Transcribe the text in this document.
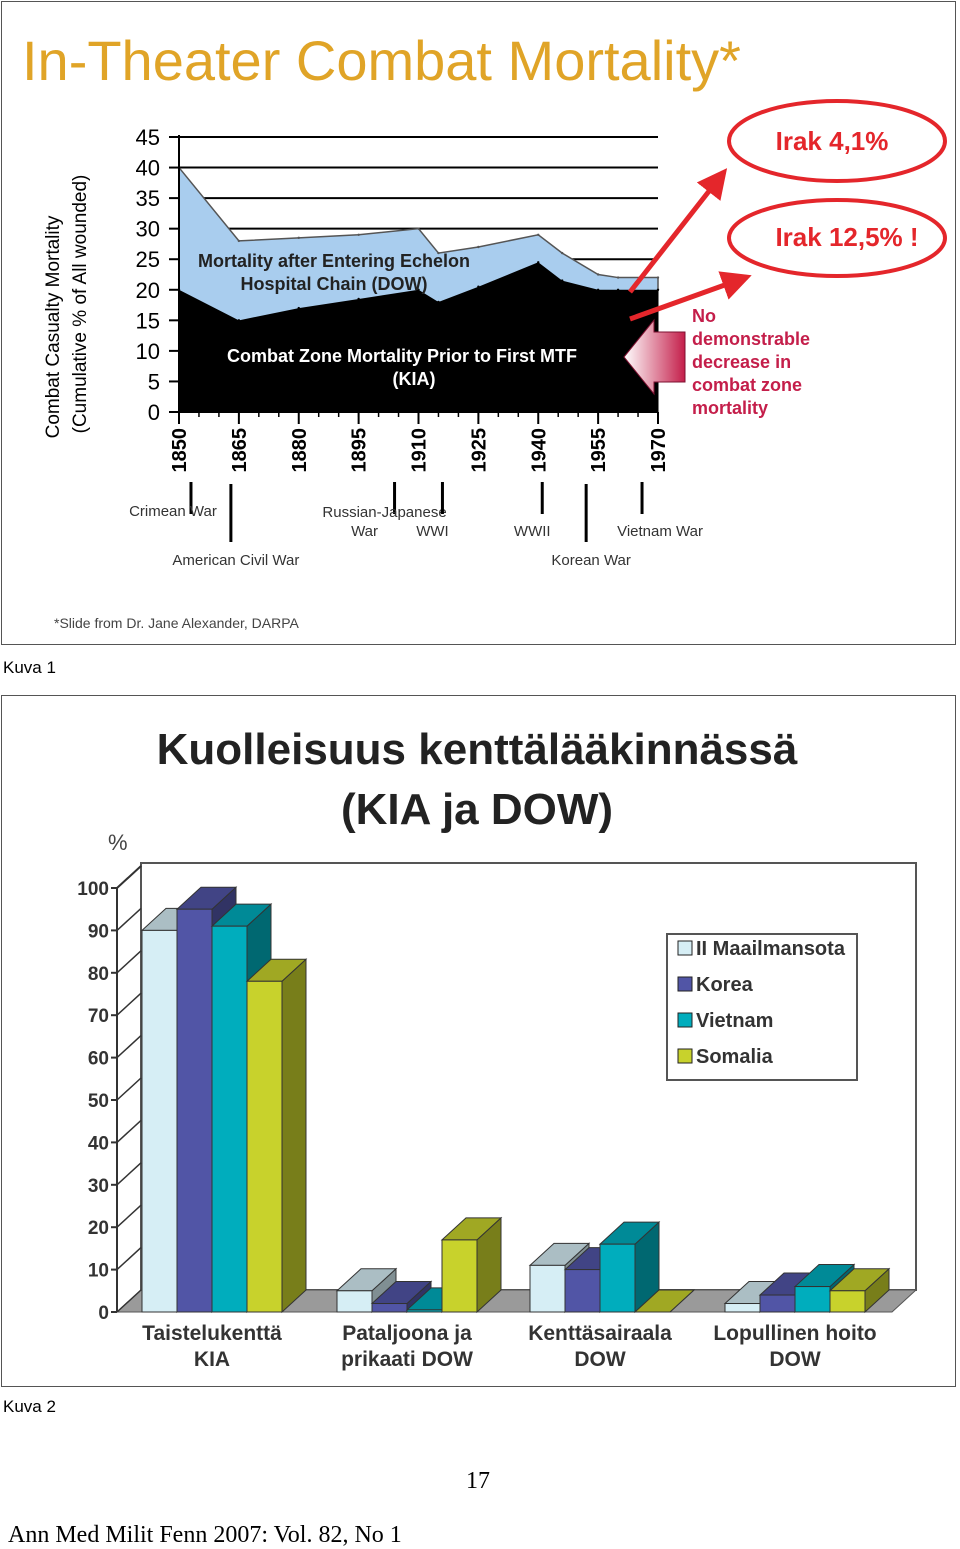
In-Theater Combat Mortality*
0
5
10
15
20
25
30
35
40
45
1850 1865 1880 1895 1910 1925 1940 1955 1970
Combat Casualty Mortality (Cumulative % of All wounded)	Mortality after Entering Echelon
Hospital Chain (DOW)
Combat Zone Mortality Prior to First MTF
(KIA)
Irak 4,1%
Irak 12,5% !
No
demonstrable
decrease in
combat zone
mortality
Crimean War
American Civil War
Russian-Japanese
War	WWI	WWII
Korean War
Vietnam War
*Slide from Dr. Jane Alexander, DARPA
Kuva 1
Kuolleisuus kenttälääkinnässä
(KIA ja DOW)
%
0
10
20
30
40
50
60
70
80
90
100
Taistelukenttä
KIA
Pataljoona ja
prikaati DOW
Kenttäsairaala
DOW
Lopullinen hoito
DOW
II Maailmansota
Korea
Vietnam
Somalia
Kuva 2
17
Ann Med Milit Fenn 2007: Vol. 82, No 1
